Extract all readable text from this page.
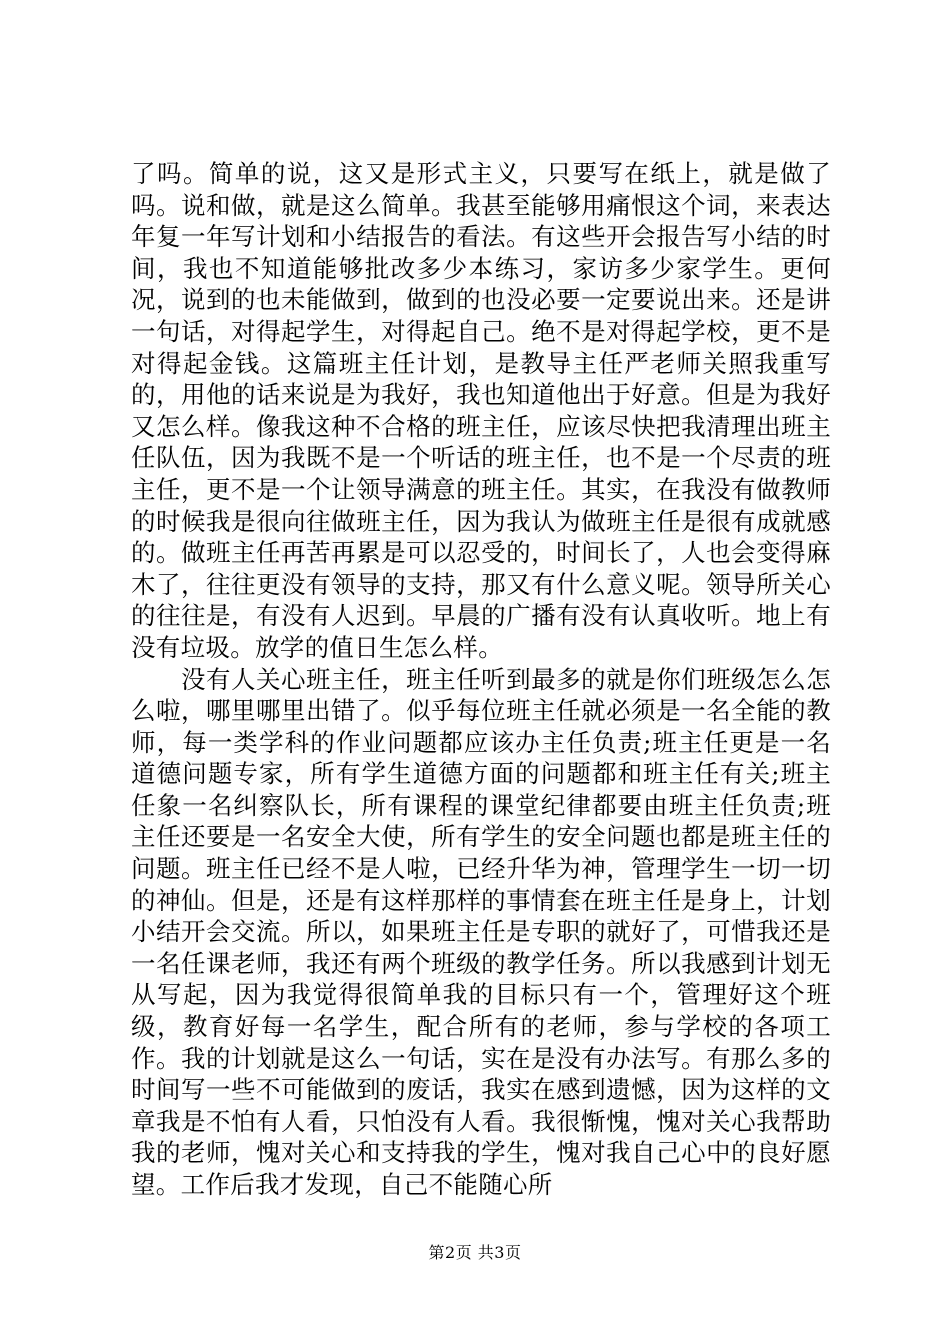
了吗。简单的说，这又是形式主义，只要写在纸上，就是做了吗。说和做，就是这么简单。我甚至能够用痛恨这个词，来表达年复一年写计划和小结报告的看法。有这些开会报告写小结的时间，我也不知道能够批改多少本练习，家访多少家学生。更何况，说到的也未能做到，做到的也没必要一定要说出来。还是讲一句话，对得起学生，对得起自己。绝不是对得起学校，更不是对得起金钱。这篇班主任计划，是教导主任严老师关照我重写的，用他的话来说是为我好，我也知道他出于好意。但是为我好又怎么样。像我这种不合格的班主任，应该尽快把我清理出班主任队伍，因为我既不是一个听话的班主任，也不是一个尽责的班主任，更不是一个让领导满意的班主任。其实，在我没有做教师的时候我是很向往做班主任，因为我认为做班主任是很有成就感的。做班主任再苦再累是可以忍受的，时间长了，人也会变得麻木了，往往更没有领导的支持，那又有什么意义呢。领导所关心的往往是，有没有人迟到。早晨的广播有没有认真收听。地上有没有垃圾。放学的值日生怎么样。

没有人关心班主任，班主任听到最多的就是你们班级怎么怎么啦，哪里哪里出错了。似乎每位班主任就必须是一名全能的教师，每一类学科的作业问题都应该办主任负责;班主任更是一名道德问题专家，所有学生道德方面的问题都和班主任有关;班主任象一名纠察队长，所有课程的课堂纪律都要由班主任负责;班主任还要是一名安全大使，所有学生的安全问题也都是班主任的问题。班主任已经不是人啦，已经升华为神，管理学生一切一切的神仙。但是，还是有这样那样的事情套在班主任是身上，计划小结开会交流。所以，如果班主任是专职的就好了，可惜我还是一名任课老师，我还有两个班级的教学任务。所以我感到计划无从写起，因为我觉得很简单我的目标只有一个，管理好这个班级，教育好每一名学生，配合所有的老师，参与学校的各项工作。我的计划就是这么一句话，实在是没有办法写。有那么多的时间写一些不可能做到的废话，我实在感到遗憾，因为这样的文章我是不怕有人看，只怕没有人看。我很惭愧，愧对关心我帮助我的老师，愧对关心和支持我的学生，愧对我自己心中的良好愿望。工作后我才发现，自己不能随心所

第2页 共3页
